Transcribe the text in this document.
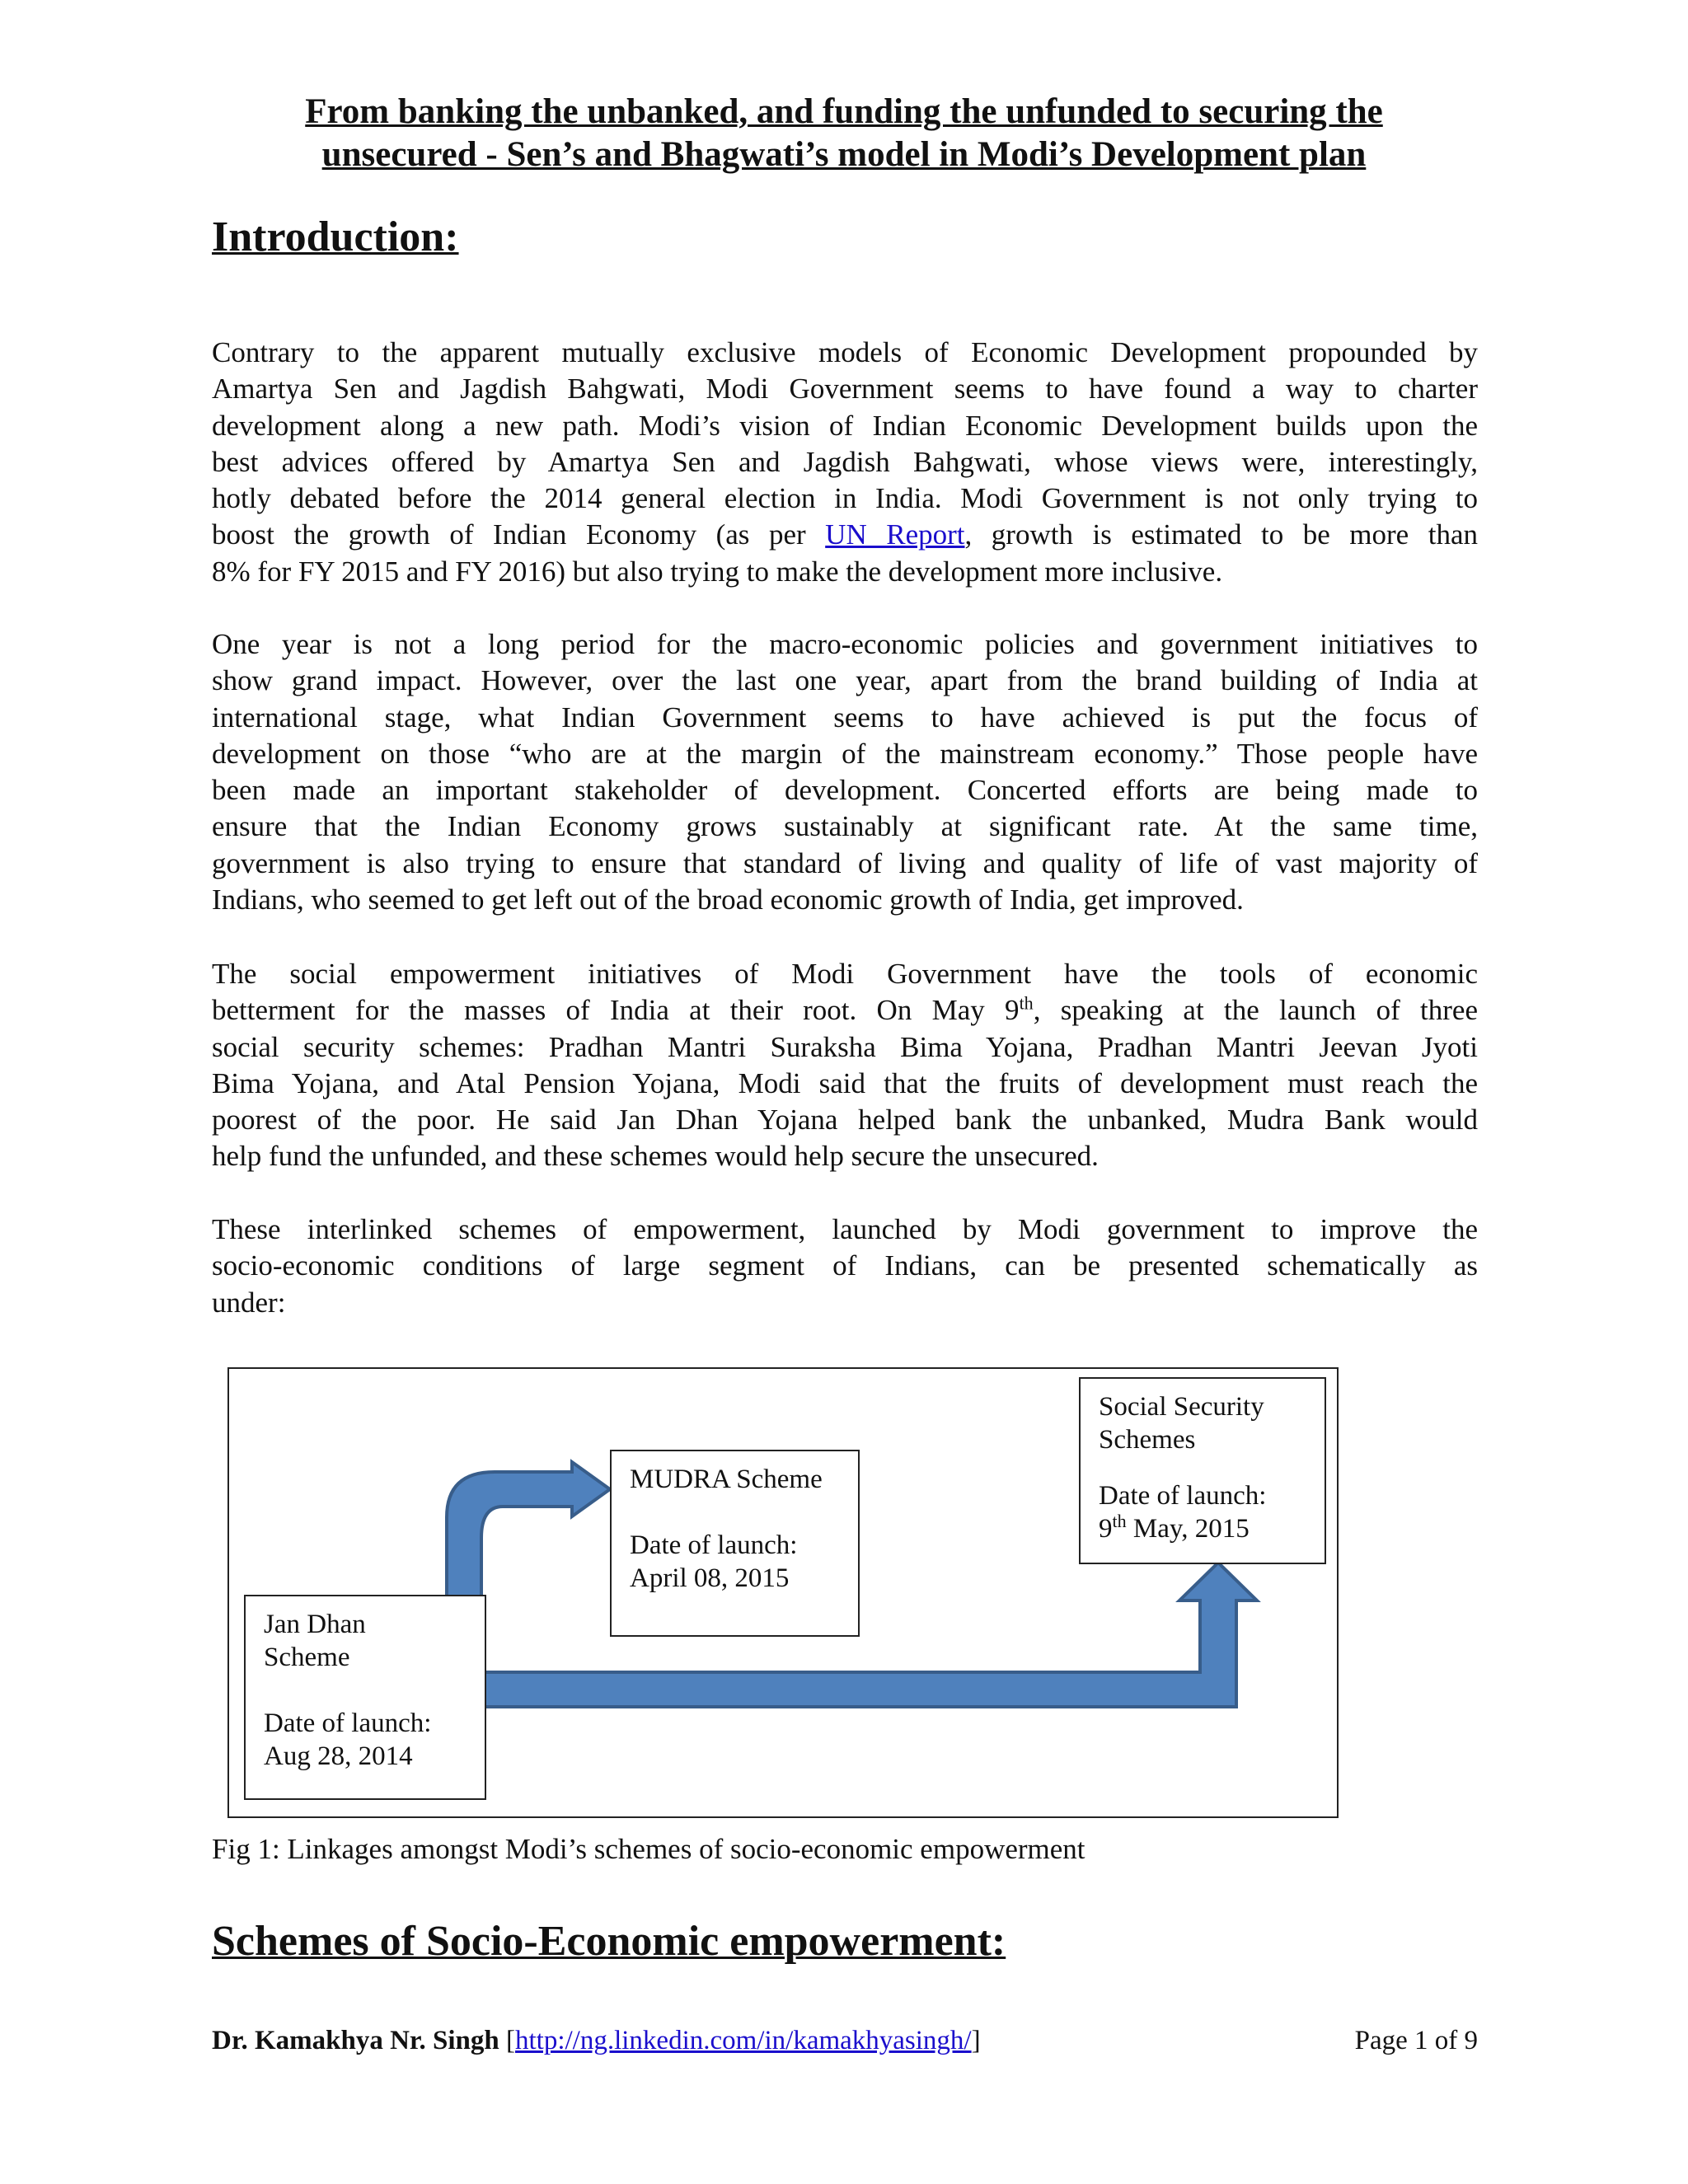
From banking the unbanked, and funding the unfunded to securing the
unsecured - Sen’s and Bhagwati’s model in Modi’s Development plan
Introduction:
Contrary to the apparent mutually exclusive models of Economic Development propounded by
Amartya Sen and Jagdish Bahgwati, Modi Government seems to have found a way to charter
development along a new path. Modi’s vision of Indian Economic Development builds upon the
best advices offered by Amartya Sen and Jagdish Bahgwati, whose views were, interestingly,
hotly debated before the 2014 general election in India. Modi Government is not only trying to
boost the growth of Indian Economy (as per UN Report, growth is estimated to be more than
8% for FY 2015 and FY 2016) but also trying to make the development more inclusive.
One year is not a long period for the macro-economic policies and government initiatives to
show grand impact. However, over the last one year, apart from the brand building of India at
international stage, what Indian Government seems to have achieved is put the focus of
development on those “who are at the margin of the mainstream economy.” Those people have
been made an important stakeholder of development. Concerted efforts are being made to
ensure that the Indian Economy grows sustainably at significant rate. At the same time,
government is also trying to ensure that standard of living and quality of life of vast majority of
Indians, who seemed to get left out of the broad economic growth of India, get improved.
The social empowerment initiatives of Modi Government have the tools of economic
betterment for the masses of India at their root. On May 9th, speaking at the launch of three
social security schemes: Pradhan Mantri Suraksha Bima Yojana, Pradhan Mantri Jeevan Jyoti
Bima Yojana, and Atal Pension Yojana, Modi said that the fruits of development must reach the
poorest of the poor. He said Jan Dhan Yojana helped bank the unbanked, Mudra Bank would
help fund the unfunded, and these schemes would help secure the unsecured.
These interlinked schemes of empowerment, launched by Modi government to improve the
socio-economic conditions of large segment of Indians, can be presented schematically as
under:
Jan Dhan
Scheme
Date of launch:
Aug 28, 2014
MUDRA Scheme
Date of launch:
April 08, 2015
Social Security
Schemes
Date of launch:
9th May, 2015
Fig 1: Linkages amongst Modi’s schemes of socio-economic empowerment
Schemes of Socio-Economic empowerment:
Dr. Kamakhya Nr. Singh [http://ng.linkedin.com/in/kamakhyasingh/]	Page 1 of 9
